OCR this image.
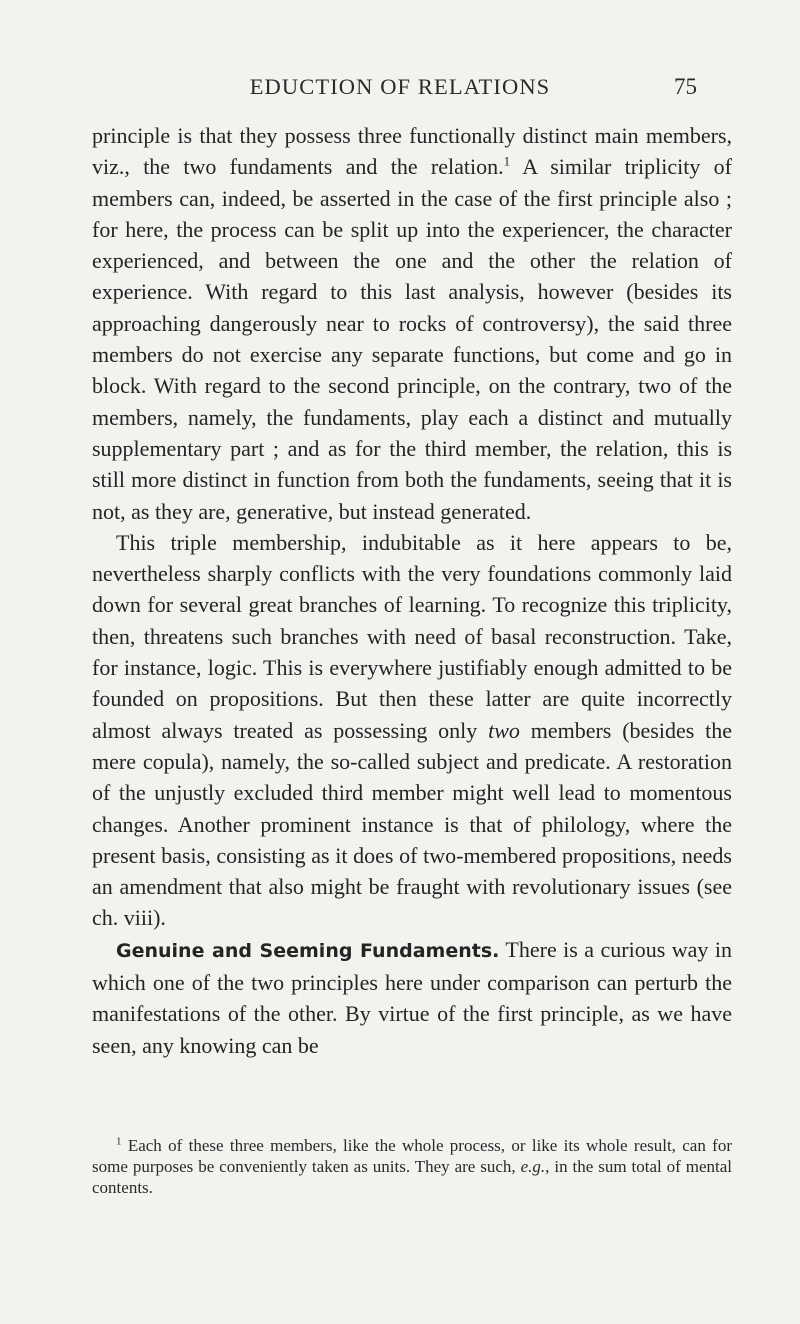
EDUCTION OF RELATIONS	75

principle is that they possess three functionally distinct main members, viz., the two fundaments and the relation.$^1$ A similar triplicity of members can, indeed, be asserted in the case of the first principle also ; for here, the process can be split up into the experiencer, the character experienced, and between the one and the other the relation of experience. With regard to this last analysis, however (besides its approaching dangerously near to rocks of controversy), the said three members do not exercise any separate functions, but come and go in block. With regard to the second principle, on the contrary, two of the members, namely, the fundaments, play each a distinct and mutually supplementary part ; and as for the third member, the relation, this is still more distinct in function from both the fundaments, seeing that it is not, as they are, generative, but instead generated.

This triple membership, indubitable as it here appears to be, nevertheless sharply conflicts with the very foundations commonly laid down for several great branches of learning. To recognize this triplicity, then, threatens such branches with need of basal reconstruction. Take, for instance, logic. This is everywhere justifiably enough admitted to be founded on propositions. But then these latter are quite incorrectly almost always treated as possessing only two members (besides the mere copula), namely, the so-called subject and predicate. A restoration of the unjustly excluded third member might well lead to momentous changes. Another prominent instance is that of philology, where the present basis, consisting as it does of two-membered propositions, needs an amendment that also might be fraught with revolutionary issues (see ch. viii).

Genuine and Seeming Fundaments. There is a curious way in which one of the two principles here under comparison can perturb the manifestations of the other. By virtue of the first principle, as we have seen, any knowing can be

$^1$ Each of these three members, like the whole process, or like its whole result, can for some purposes be conveniently taken as units. They are such, e.g., in the sum total of mental contents.
